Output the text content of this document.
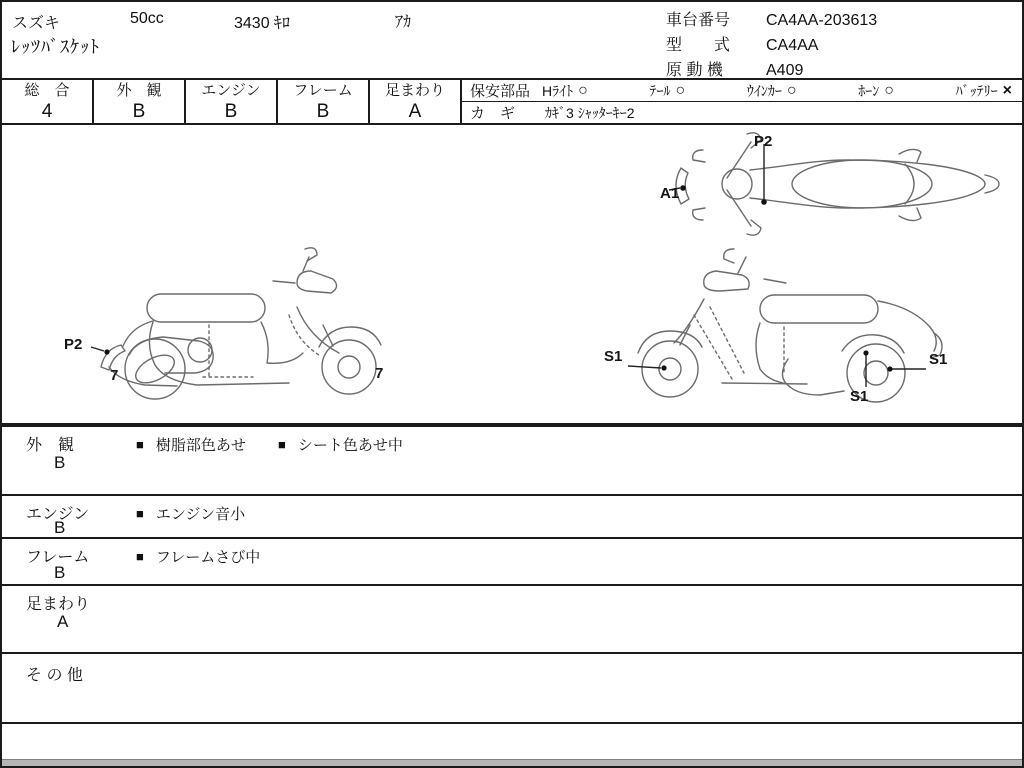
スズキ	50cc	3430 ｷﾛ	ｱｶ
ﾚｯﾂﾊﾞｽｹｯﾄ
車台番号	CA4AA-203613
型　　式	CA4AA
原 動 機	A409
総　合
4
外　観
B
エンジン
B
フレーム
B
足まわり
A
保安部品 Hﾗｲﾄ ○	ﾃｰﾙ ○	ｳｲﾝｶｰ ○	ﾎｰﾝ ○	ﾊﾞｯﾃﾘｰ ×
カ　ギ ｶｷﾞ3 ｼｬｯﾀｰｷｰ2
P2
A1
P2
7	7
S1	S1
S1
外　観
B
■ 樹脂部色あせ ■ シート色あせ中
エンジン
B
■ エンジン音小
フレーム
B
■ フレームさび中
足まわり
A
そ の 他
